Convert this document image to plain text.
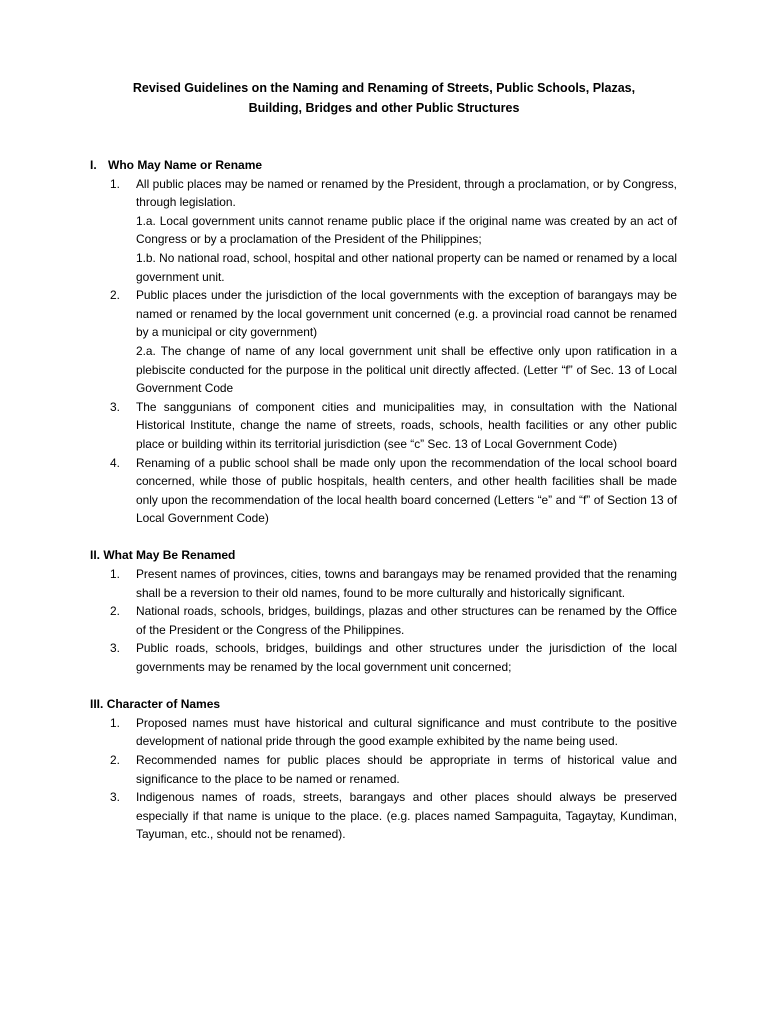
Revised Guidelines on the Naming and Renaming of Streets, Public Schools, Plazas,
Building, Bridges and other Public Structures
I. Who May Name or Rename
1. All public places may be named or renamed by the President, through a proclamation, or by Congress, through legislation.
1.a. Local government units cannot rename public place if the original name was created by an act of Congress or by a proclamation of the President of the Philippines;
1.b. No national road, school, hospital and other national property can be named or renamed by a local government unit.
2. Public places under the jurisdiction of the local governments with the exception of barangays may be named or renamed by the local government unit concerned (e.g. a provincial road cannot be renamed by a municipal or city government)
2.a. The change of name of any local government unit shall be effective only upon ratification in a plebiscite conducted for the purpose in the political unit directly affected. (Letter “f” of Sec. 13 of Local Government Code
3. The sanggunians of component cities and municipalities may, in consultation with the National Historical Institute, change the name of streets, roads, schools, health facilities or any other public place or building within its territorial jurisdiction (see “c” Sec. 13 of Local Government Code)
4. Renaming of a public school shall be made only upon the recommendation of the local school board concerned, while those of public hospitals, health centers, and other health facilities shall be made only upon the recommendation of the local health board concerned (Letters “e” and “f” of Section 13 of Local Government Code)
II. What May Be Renamed
1. Present names of provinces, cities, towns and barangays may be renamed provided that the renaming shall be a reversion to their old names, found to be more culturally and historically significant.
2. National roads, schools, bridges, buildings, plazas and other structures can be renamed by the Office of the President or the Congress of the Philippines.
3. Public roads, schools, bridges, buildings and other structures under the jurisdiction of the local governments may be renamed by the local government unit concerned;
III. Character of Names
1. Proposed names must have historical and cultural significance and must contribute to the positive development of national pride through the good example exhibited by the name being used.
2. Recommended names for public places should be appropriate in terms of historical value and significance to the place to be named or renamed.
3. Indigenous names of roads, streets, barangays and other places should always be preserved especially if that name is unique to the place. (e.g. places named Sampaguita, Tagaytay, Kundiman, Tayuman, etc., should not be renamed).
